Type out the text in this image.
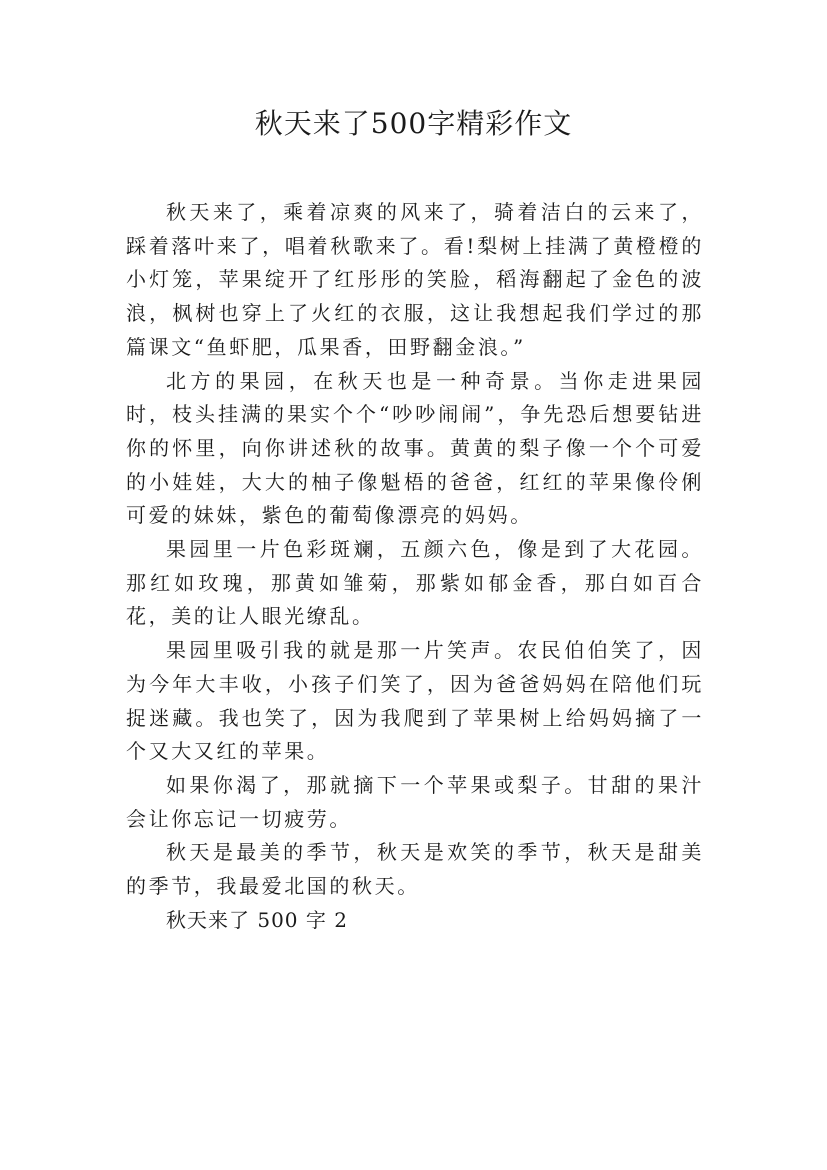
秋天来了500字精彩作文

秋天来了，乘着凉爽的风来了，骑着洁白的云来了，踩着落叶来了，唱着秋歌来了。看!梨树上挂满了黄橙橙的小灯笼，苹果绽开了红彤彤的笑脸，稻海翻起了金色的波浪，枫树也穿上了火红的衣服，这让我想起我们学过的那篇课文“鱼虾肥，瓜果香，田野翻金浪。”

北方的果园，在秋天也是一种奇景。当你走进果园时，枝头挂满的果实个个“吵吵闹闹”，争先恐后想要钻进你的怀里，向你讲述秋的故事。黄黄的梨子像一个个可爱的小娃娃，大大的柚子像魁梧的爸爸，红红的苹果像伶俐可爱的妹妹，紫色的葡萄像漂亮的妈妈。

果园里一片色彩斑斓，五颜六色，像是到了大花园。那红如玫瑰，那黄如雏菊，那紫如郁金香，那白如百合花，美的让人眼光缭乱。

果园里吸引我的就是那一片笑声。农民伯伯笑了，因为今年大丰收，小孩子们笑了，因为爸爸妈妈在陪他们玩捉迷藏。我也笑了，因为我爬到了苹果树上给妈妈摘了一个又大又红的苹果。

如果你渴了，那就摘下一个苹果或梨子。甘甜的果汁会让你忘记一切疲劳。

秋天是最美的季节，秋天是欢笑的季节，秋天是甜美的季节，我最爱北国的秋天。

秋天来了 500 字 2
